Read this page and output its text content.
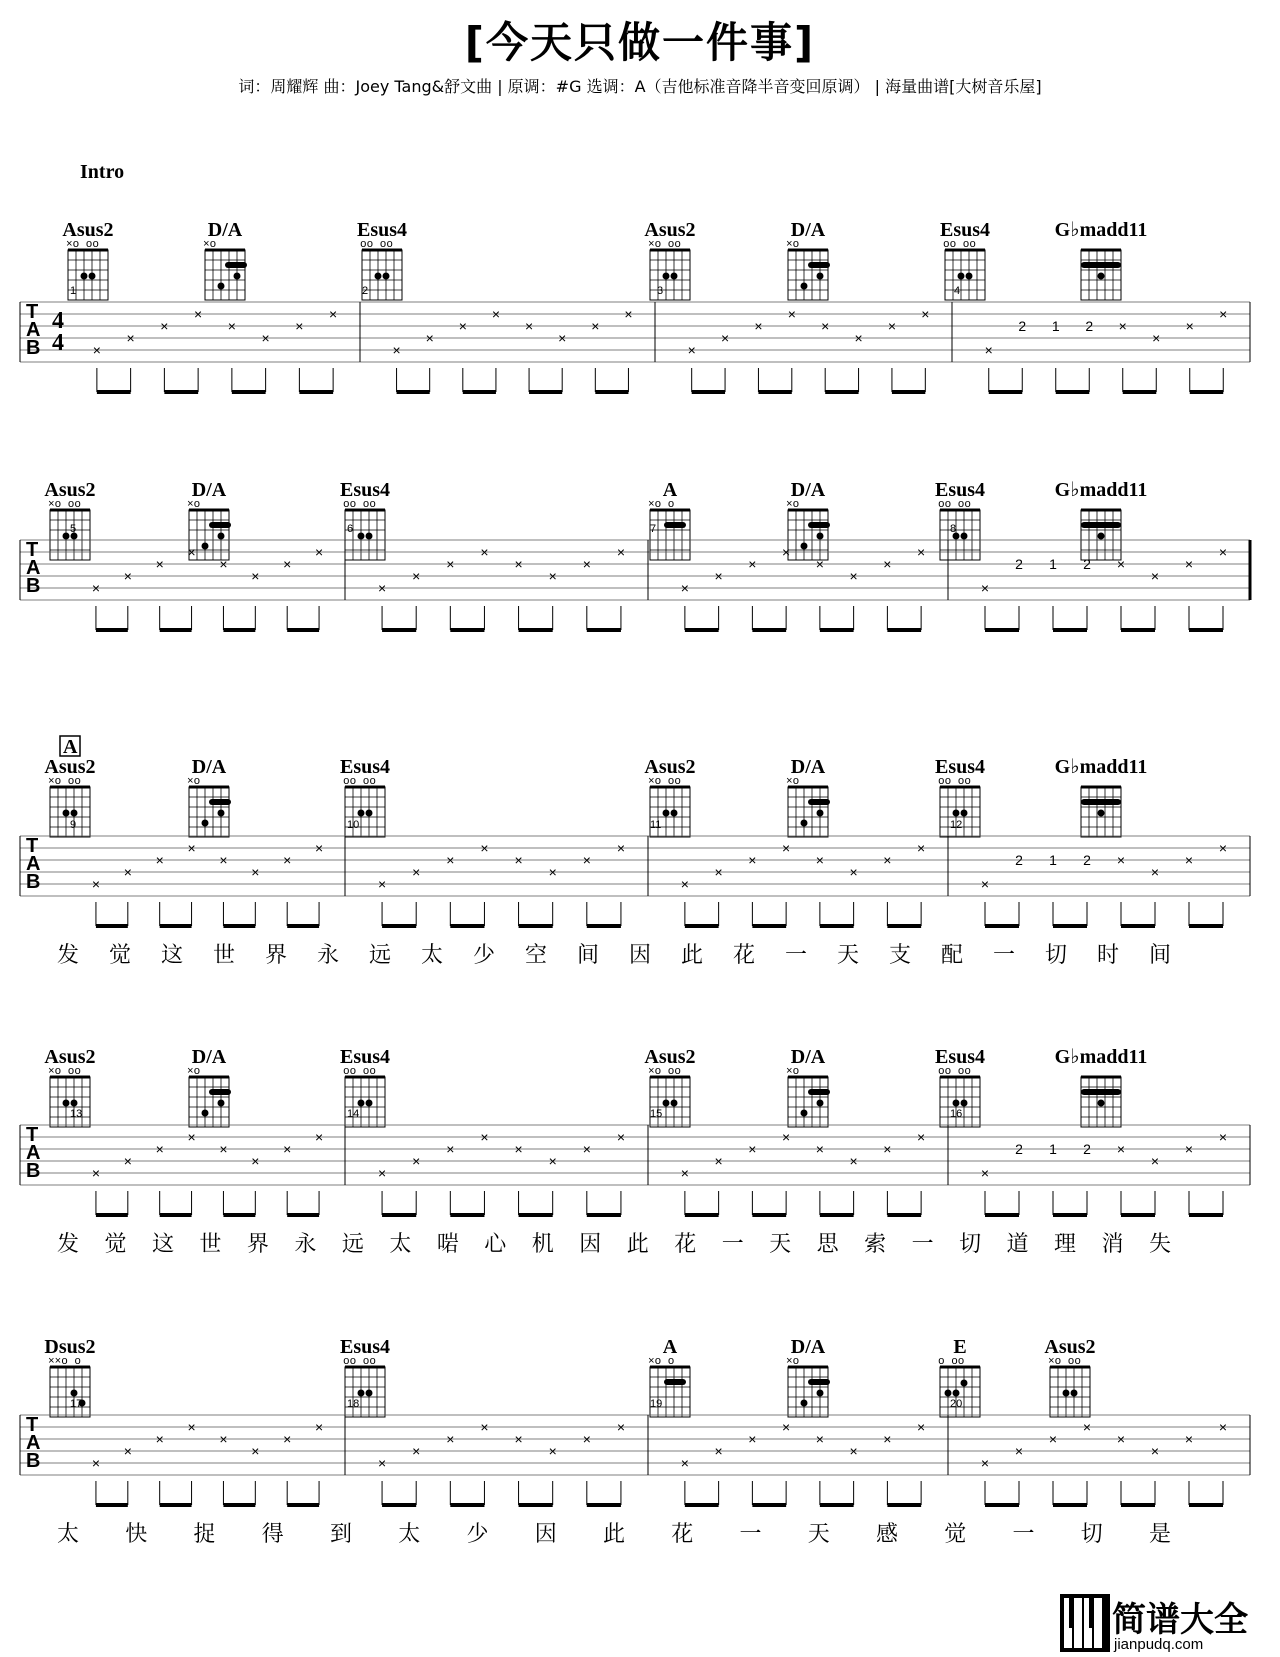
[今天只做一件事]
词：周耀辉 曲：Joey Tang&舒文曲 | 原调：#G 选调：A（吉他标准音降半音变回原调） | 海量曲谱[大树音乐屋]
Intro
A
Asus2
×o oo
D/A
×o
Esus4
oo oo
Asus2
×o oo
D/A
×o
Esus4
oo oo
G♭madd11
T
A
B
4
4
1	2	3	4
×
×
×
×
×
×
×
×
×
×
×
×
×
×
×
×
×
×
×
×
×
×
×
×
×
2 1 2 ×
×
×
×
Asus2
×o oo
D/A
×o
Esus4
oo oo
A
×o o
D/A
×o
Esus4
oo oo
G♭madd11
T
A
B
5	6	7	8
×
×
×
×
×
×
×
×
×
×
×
×
×
×
×
×
×
×
×
×
×
×
×
×
×
2 1 2 ×
×
×
×
Asus2
×o oo
D/A
×o
Esus4
oo oo
Asus2
×o oo
D/A
×o
Esus4
oo oo
G♭madd11
T
A
B
9	10	11	12
×
×
×
×
×
×
×
×
×
×
×
×
×
×
×
×
×
×
×
×
×
×
×
×
×
2 1 2 ×
×
×
×
发 觉 这 世 界 永 远 太 少 空 间 因 此 花 一 天 支 配 一 切 时 间
Asus2
×o oo
D/A
×o
Esus4
oo oo
Asus2
×o oo
D/A
×o
Esus4
oo oo
G♭madd11
T
A
B
13	14	15	16
×
×
×
×
×
×
×
×
×
×
×
×
×
×
×
×
×
×
×
×
×
×
×
×
×
2 1 2 ×
×
×
×
发 觉 这 世 界 永 远 太 啱 心 机 因 此 花 一 天 思 索 一 切 道 理 消 失
Dsus2
××o o
Esus4
oo oo
A
×o o
D/A
×o
E
o oo
Asus2
×o oo
T
A
B
17	18	19	20
×
×
×
×
×
×
×
×
×
×
×
×
×
×
×
×
×
×
×
×
×
×
×
×
×
×
×
×
×
×
×
×
太 快 捉 得 到 太 少 因 此 花 一 天 感 觉 一 切 是
简谱大全
jianpudq.com
